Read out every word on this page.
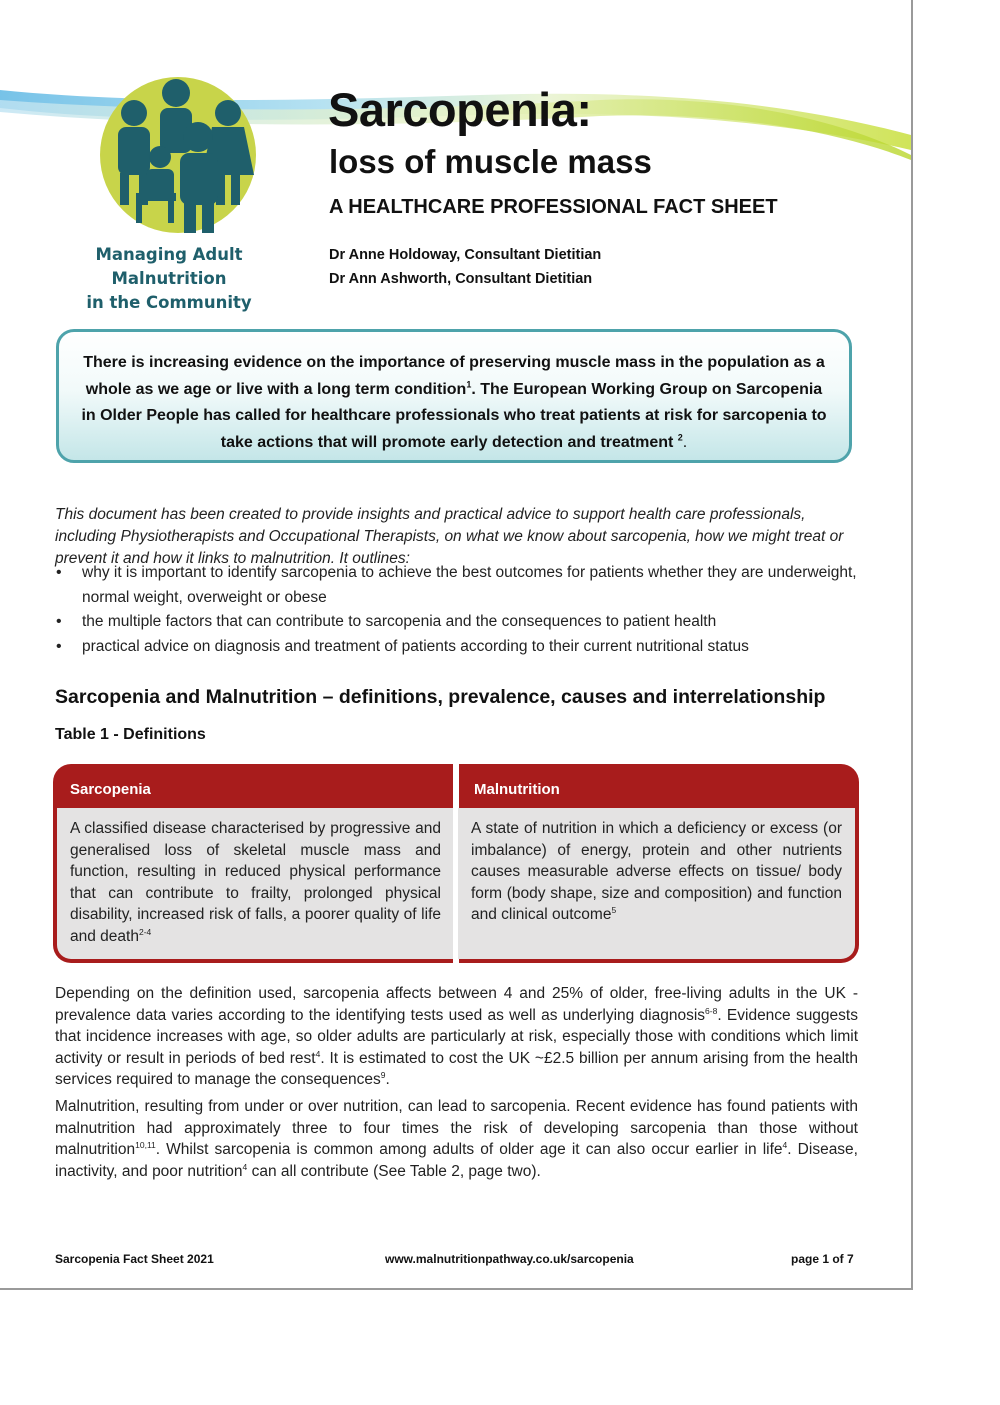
Managing Adult Malnutrition
in the Community
Sarcopenia:
loss of muscle mass
A HEALTHCARE PROFESSIONAL FACT SHEET
Dr Anne Holdoway, Consultant Dietitian
Dr Ann Ashworth, Consultant Dietitian
There is increasing evidence on the importance of preserving muscle mass in the population as a whole as we age or live with a long term condition$^1$. The European Working Group on Sarcopenia in Older People has called for healthcare professionals who treat patients at risk for sarcopenia to take actions that will promote early detection and treatment $^2$.

This document has been created to provide insights and practical advice to support health care professionals, including Physiotherapists and Occupational Therapists, on what we know about sarcopenia, how we might treat or prevent it and how it links to malnutrition. It outlines:

• why it is important to identify sarcopenia to achieve the best outcomes for patients whether they are underweight, normal weight, overweight or obese
• the multiple factors that can contribute to sarcopenia and the consequences to patient health
• practical advice on diagnosis and treatment of patients according to their current nutritional status
Sarcopenia and Malnutrition – definitions, prevalence, causes and interrelationship
Table 1 - Definitions
Sarcopenia
A classified disease characterised by progressive and generalised loss of skeletal muscle mass and function, resulting in reduced physical performance that can contribute to frailty, prolonged physical disability, increased risk of falls, a poorer quality of life and death$^{2-4}$
Malnutrition
A state of nutrition in which a deficiency or excess (or imbalance) of energy, protein and other nutrients causes measurable adverse effects on tissue/ body form (body shape, size and composition) and function and clinical outcome$^5$

Depending on the definition used, sarcopenia affects between 4 and 25% of older, free-living adults in the UK - prevalence data varies according to the identifying tests used as well as underlying diagnosis$^{6-8}$. Evidence suggests that incidence increases with age, so older adults are particularly at risk, especially those with conditions which limit activity or result in periods of bed rest$^4$. It is estimated to cost the UK ~£2.5 billion per annum arising from the health services required to manage the consequences$^9$.

Malnutrition, resulting from under or over nutrition, can lead to sarcopenia. Recent evidence has found patients with malnutrition had approximately three to four times the risk of developing sarcopenia than those without malnutrition$^{10,11}$. Whilst sarcopenia is common among adults of older age it can also occur earlier in life$^4$. Disease, inactivity, and poor nutrition$^4$ can all contribute (See Table 2, page two).

Sarcopenia Fact Sheet 2021	www.malnutritionpathway.co.uk/sarcopenia	page 1 of 7
